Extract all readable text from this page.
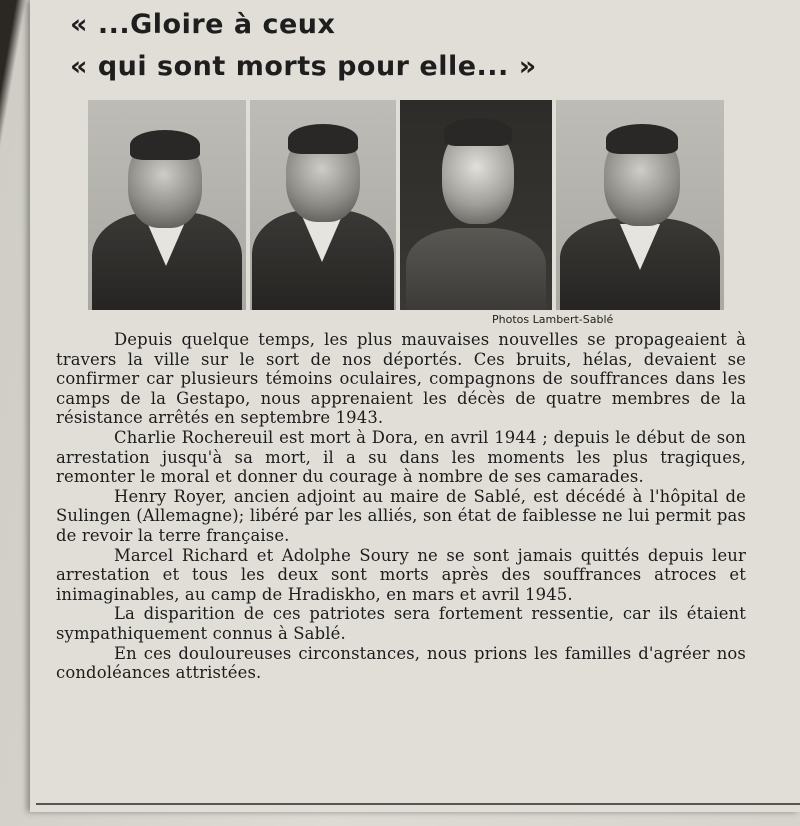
« ...Gloire à ceux
« qui sont morts pour elle... »
Photos Lambert-Sablé

Depuis quelque temps, les plus mauvaises nouvelles se propageaient à travers la ville sur le sort de nos déportés. Ces bruits, hélas, devaient se confirmer car plusieurs témoins oculaires, compagnons de souffrances dans les camps de la Gestapo, nous apprenaient les décès de quatre membres de la résistance arrêtés en septembre 1943.

Charlie Rochereuil est mort à Dora, en avril 1944 ; depuis le début de son arrestation jusqu'à sa mort, il a su dans les moments les plus tragiques, remonter le moral et donner du courage à nombre de ses camarades.

Henry Royer, ancien adjoint au maire de Sablé, est décédé à l'hôpital de Sulingen (Allemagne); libéré par les alliés, son état de faiblesse ne lui permit pas de revoir la terre française.

Marcel Richard et Adolphe Soury ne se sont jamais quittés depuis leur arrestation et tous les deux sont morts après des souffrances atroces et inimaginables, au camp de Hradiskho, en mars et avril 1945.

La disparition de ces patriotes sera fortement ressentie, car ils étaient sympathiquement connus à Sablé.

En ces douloureuses circonstances, nous prions les familles d'agréer nos condoléances attristées.
